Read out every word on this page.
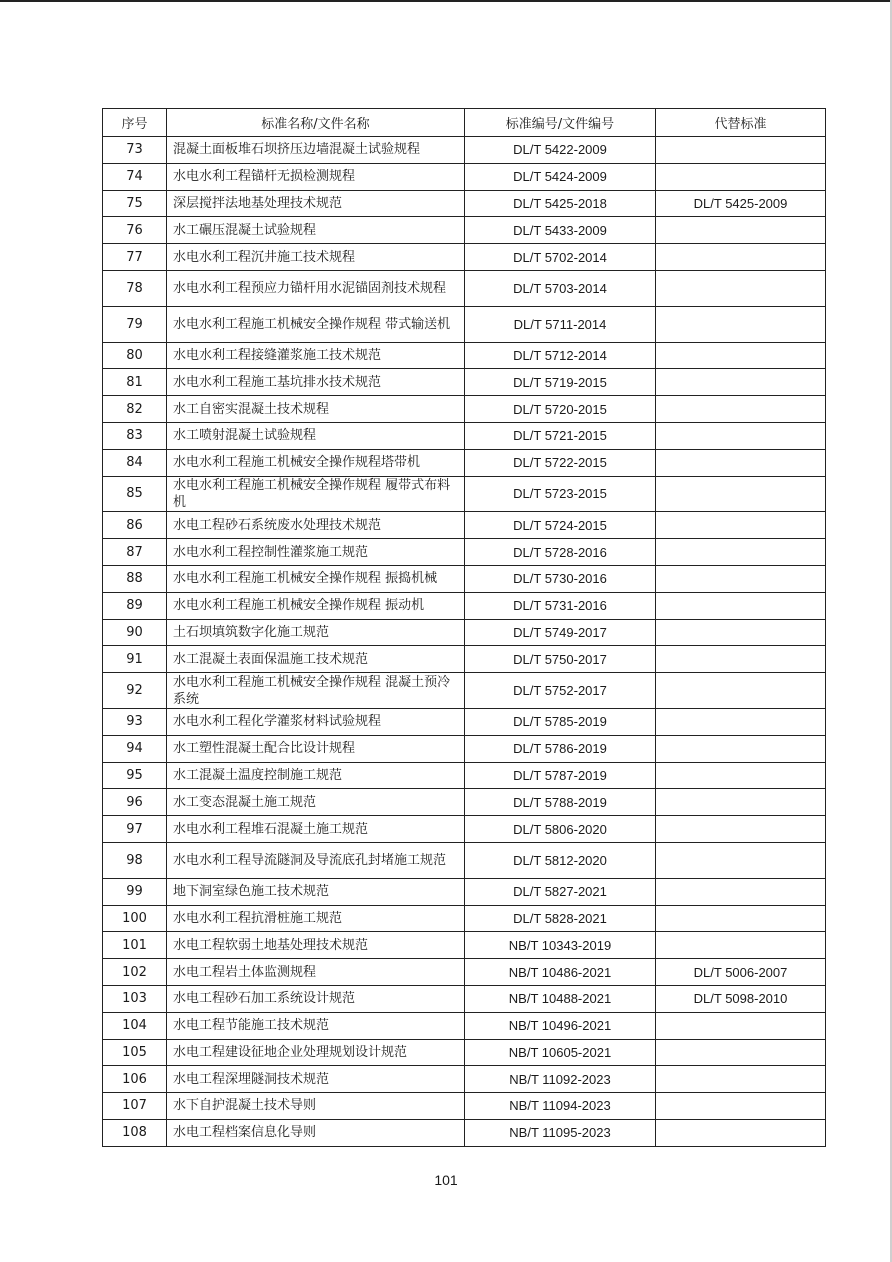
序号	标准名称/文件名称	标准编号/文件编号	代替标准
73	混凝土面板堆石坝挤压边墙混凝土试验规程	DL/T 5422-2009	
74	水电水利工程锚杆无损检测规程	DL/T 5424-2009	
75	深层搅拌法地基处理技术规范	DL/T 5425-2018	DL/T 5425-2009
76	水工碾压混凝土试验规程	DL/T 5433-2009	
77	水电水利工程沉井施工技术规程	DL/T 5702-2014	
78	水电水利工程预应力锚杆用水泥锚固剂技术规程	DL/T 5703-2014	
79	水电水利工程施工机械安全操作规程 带式输送机	DL/T 5711-2014	
80	水电水利工程接缝灌浆施工技术规范	DL/T 5712-2014	
81	水电水利工程施工基坑排水技术规范	DL/T 5719-2015	
82	水工自密实混凝土技术规程	DL/T 5720-2015	
83	水工喷射混凝土试验规程	DL/T 5721-2015	
84	水电水利工程施工机械安全操作规程塔带机	DL/T 5722-2015	
85	水电水利工程施工机械安全操作规程 履带式布料机	DL/T 5723-2015	
86	水电工程砂石系统废水处理技术规范	DL/T 5724-2015	
87	水电水利工程控制性灌浆施工规范	DL/T 5728-2016	
88	水电水利工程施工机械安全操作规程 振捣机械	DL/T 5730-2016	
89	水电水利工程施工机械安全操作规程 振动机	DL/T 5731-2016	
90	土石坝填筑数字化施工规范	DL/T 5749-2017	
91	水工混凝土表面保温施工技术规范	DL/T 5750-2017	
92	水电水利工程施工机械安全操作规程 混凝土预冷系统	DL/T 5752-2017	
93	水电水利工程化学灌浆材料试验规程	DL/T 5785-2019	
94	水工塑性混凝土配合比设计规程	DL/T 5786-2019	
95	水工混凝土温度控制施工规范	DL/T 5787-2019	
96	水工变态混凝土施工规范	DL/T 5788-2019	
97	水电水利工程堆石混凝土施工规范	DL/T 5806-2020	
98	水电水利工程导流隧洞及导流底孔封堵施工规范	DL/T 5812-2020	
99	地下洞室绿色施工技术规范	DL/T 5827-2021	
100	水电水利工程抗滑桩施工规范	DL/T 5828-2021	
101	水电工程软弱土地基处理技术规范	NB/T 10343-2019	
102	水电工程岩土体监测规程	NB/T 10486-2021	DL/T 5006-2007
103	水电工程砂石加工系统设计规范	NB/T 10488-2021	DL/T 5098-2010
104	水电工程节能施工技术规范	NB/T 10496-2021	
105	水电工程建设征地企业处理规划设计规范	NB/T 10605-2021	
106	水电工程深埋隧洞技术规范	NB/T 11092-2023	
107	水下自护混凝土技术导则	NB/T 11094-2023	
108	水电工程档案信息化导则	NB/T 11095-2023	
101
